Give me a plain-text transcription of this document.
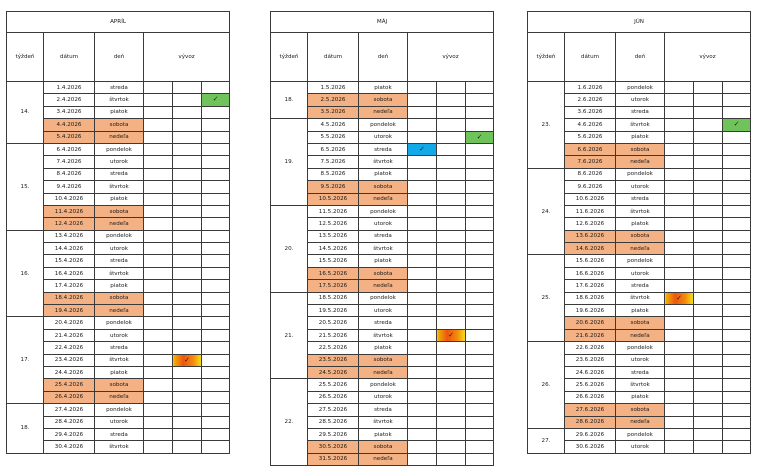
APRÍL					
týždeň	dátum	deň	vývoz		
14.	1.4.2026	streda			
	2.4.2026	štvrtok			✓

	3.4.2026	piatok			
	4.4.2026	sobota			
	5.4.2026	nedeľa			
15.	6.4.2026	pondelok			
	7.4.2026	utorok			
	8.4.2026	streda			
	9.4.2026	štvrtok			
	10.4.2026	piatok			
	11.4.2026	sobota			
	12.4.2026	nedeľa			
16.	13.4.2026	pondelok			
	14.4.2026	utorok			
	15.4.2026	streda			
	16.4.2026	štvrtok			
	17.4.2026	piatok			
	18.4.2026	sobota			
	19.4.2026	nedeľa			
17.	20.4.2026	pondelok			
	21.4.2026	utorok			
	22.4.2026	streda			
	23.4.2026	štvrtok		✓	

	24.4.2026	piatok			
	25.4.2026	sobota			
	26.4.2026	nedeľa			
18.	27.4.2026	pondelok			
	28.4.2026	utorok			
	29.4.2026	streda			
	30.4.2026	štvrtok			
MÁJ					
týždeň	dátum	deň	vývoz		
18.	1.5.2026	piatok			
	2.5.2026	sobota			
	3.5.2026	nedeľa			
19.	4.5.2026	pondelok			
	5.5.2026	utorok			✓

	6.5.2026	streda	✓		

	7.5.2026	štvrtok			
	8.5.2026	piatok			
	9.5.2026	sobota			
	10.5.2026	nedeľa			
20.	11.5.2026	pondelok			
	12.5.2026	utorok			
	13.5.2026	streda			
	14.5.2026	štvrtok			
	15.5.2026	piatok			
	16.5.2026	sobota			
	17.5.2026	nedeľa			
21.	18.5.2026	pondelok			
	19.5.2026	utorok			
	20.5.2026	streda			
	21.5.2026	štvrtok		✓	

	22.5.2026	piatok			
	23.5.2026	sobota			
	24.5.2026	nedeľa			
22.	25.5.2026	pondelok			
	26.5.2026	utorok			
	27.5.2026	streda			
	28.5.2026	štvrtok			
	29.5.2026	piatok			
	30.5.2026	sobota			
	31.5.2026	nedeľa			
JÚN					
týždeň	dátum	deň	vývoz		
23.	1.6.2026	pondelok			
	2.6.2026	utorok			
	3.6.2026	streda			
	4.6.2026	štvrtok			✓

	5.6.2026	piatok			
	6.6.2026	sobota			
	7.6.2026	nedeľa			
24.	8.6.2026	pondelok			
	9.6.2026	utorok			
	10.6.2026	streda			
	11.6.2026	štvrtok			
	12.6.2026	piatok			
	13.6.2026	sobota			
	14.6.2026	nedeľa			
25.	15.6.2026	pondelok			
	16.6.2026	utorok			
	17.6.2026	streda			
	18.6.2026	štvrtok	✓		

	19.6.2026	piatok			
	20.6.2026	sobota			
	21.6.2026	nedeľa			
26.	22.6.2026	pondelok			
	23.6.2026	utorok			
	24.6.2026	streda			
	25.6.2026	štvrtok			
	26.6.2026	piatok			
	27.6.2026	sobota			
	28.6.2026	nedeľa			
27.	29.6.2026	pondelok			
	30.6.2026	utorok			
